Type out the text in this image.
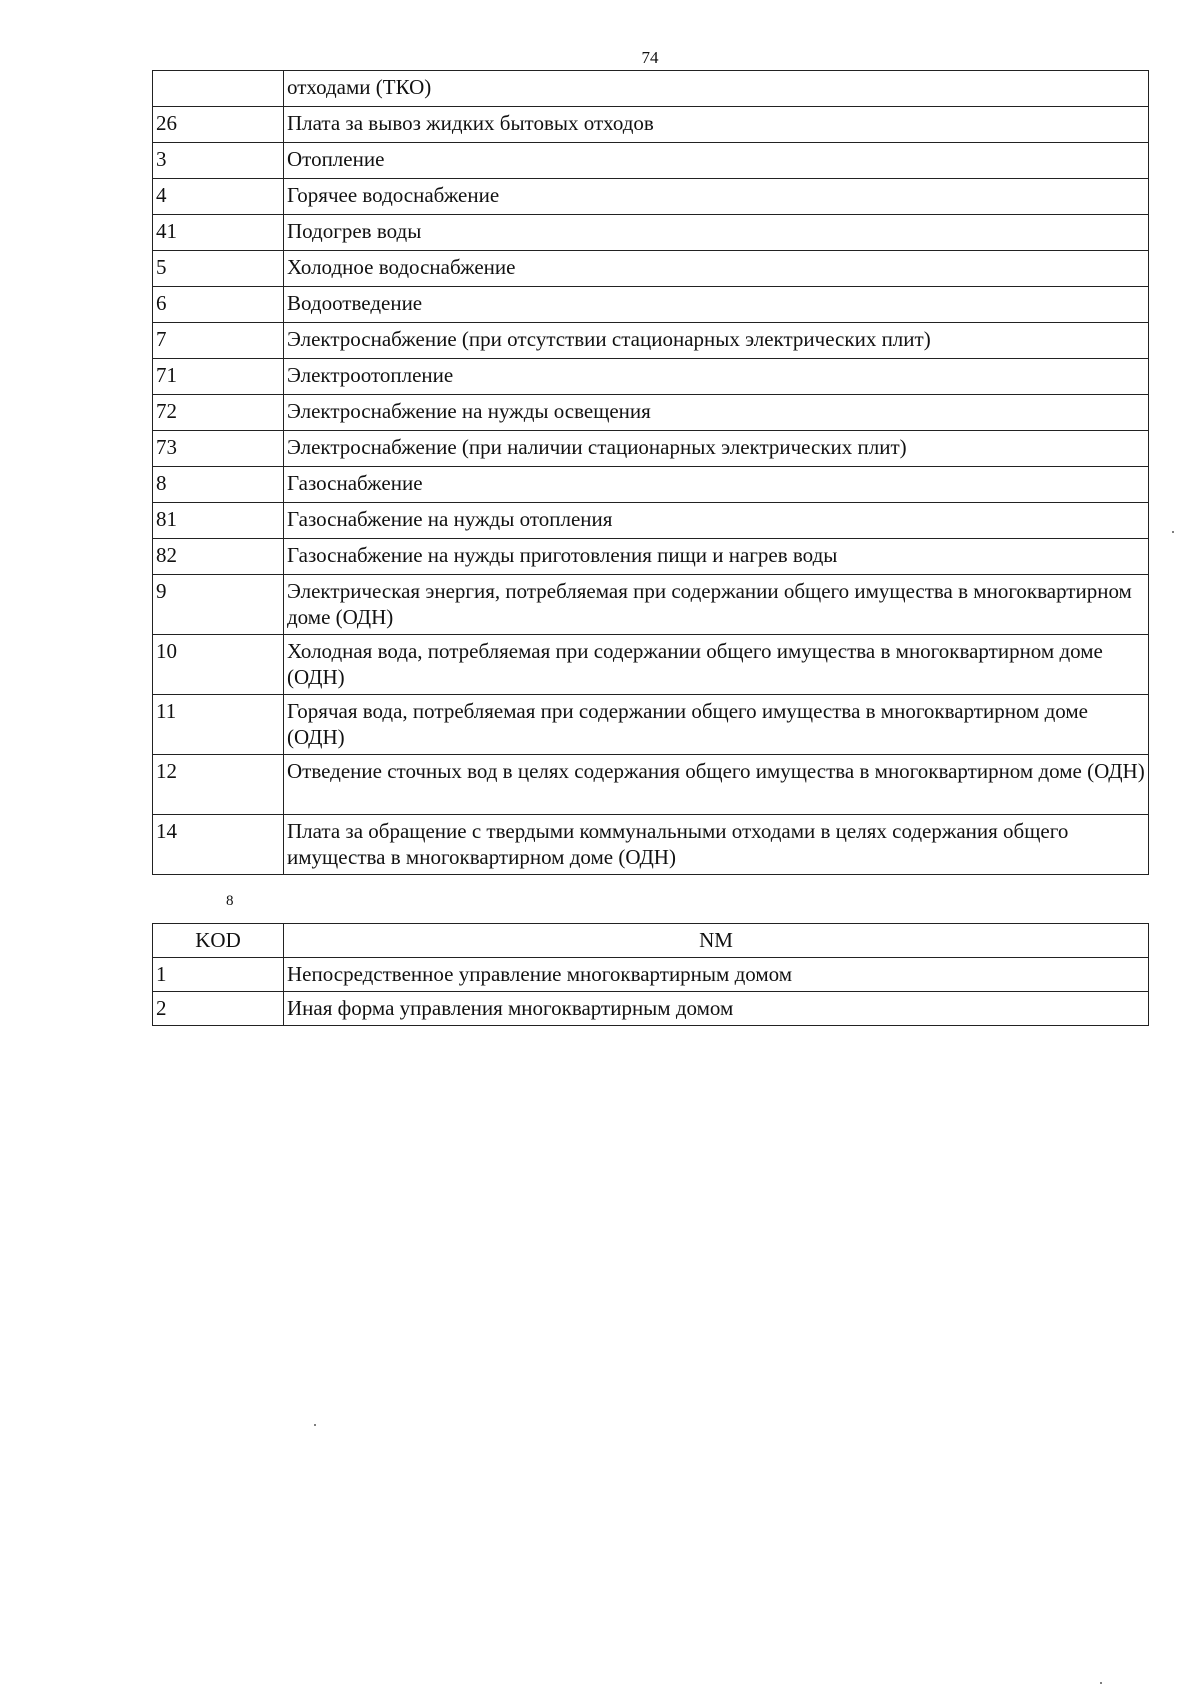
74
	отходами (ТКО)
26	Плата за вывоз жидких бытовых отходов
3	Отопление
4	Горячее водоснабжение
41	Подогрев воды
5	Холодное водоснабжение
6	Водоотведение
7	Электроснабжение (при отсутствии стационарных электрических плит)
71	Электроотопление
72	Электроснабжение на нужды освещения
73	Электроснабжение (при наличии стационарных электрических плит)
8	Газоснабжение
81	Газоснабжение на нужды отопления
82	Газоснабжение на нужды приготовления пищи и нагрев воды
9	Электрическая энергия, потребляемая при содержании общего имущества в многоквартирном доме (ОДН)
10	Холодная вода, потребляемая при содержании общего имущества в многоквартирном доме (ОДН)
11	Горячая вода, потребляемая при содержании общего имущества в многоквартирном доме (ОДН)
12	Отведение сточных вод в целях содержания общего имущества в многоквартирном доме (ОДН)
14	Плата за обращение с твердыми коммунальными отходами в целях содержания общего имущества в многоквартирном доме (ОДН)
8
KOD	NM
1	Непосредственное управление многоквартирным домом
2	Иная форма управления многоквартирным домом
